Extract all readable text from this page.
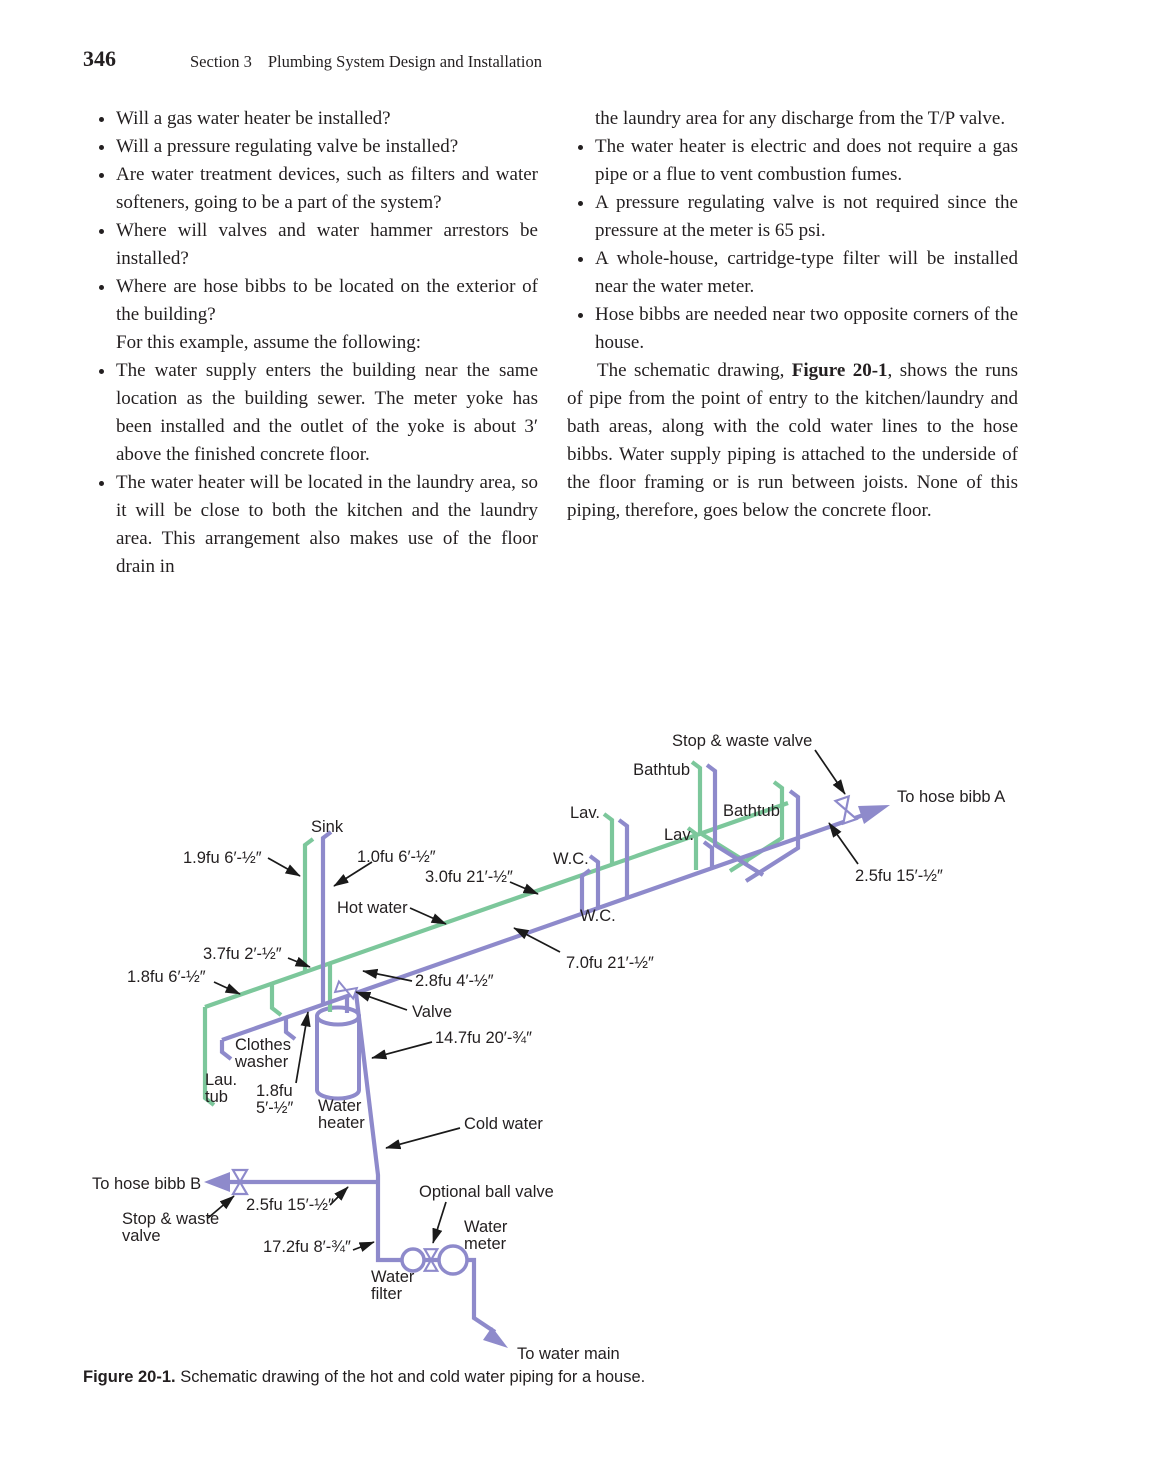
346	Section 3 Plumbing System Design and Installation
• Will a gas water heater be installed?
• Will a pressure regulating valve be installed?
• Are water treatment devices, such as filters and water softeners, going to be a part of the system?
• Where will valves and water hammer arrestors be installed?
• Where are hose bibbs to be located on the exterior of the building?
For this example, assume the following:
• The water supply enters the building near the same location as the building sewer. The meter yoke has been installed and the outlet of the yoke is about 3′ above the finished concrete floor.
• The water heater will be located in the laundry area, so it will be close to both the kitchen and the laundry area. This arrangement also makes use of the floor drain in

the laundry area for any discharge from the T/P valve.

• The water heater is electric and does not require a gas pipe or a flue to vent combustion fumes.
• A pressure regulating valve is not required since the pressure at the meter is 65 psi.
• A whole-house, cartridge-type filter will be installed near the water meter.
• Hose bibbs are needed near two opposite corners of the house.

The schematic drawing, Figure 20-1, shows the runs of pipe from the point of entry to the kitchen/laundry and bath areas, along with the cold water lines to the hose bibbs. Water supply piping is attached to the underside of the floor framing or is run between joists. None of this piping, therefore, goes below the concrete floor.

Stop & waste valve
Bathtub
To hose bibb A
Bathtub
Lav.
Lav.
W.C.
2.5fu 15′-½″
Sink
1.9fu 6′-½″	1.0fu 6′-½″
3.0fu 21′-½″
Hot water	W.C.
7.0fu 21′-½″
3.7fu 2′-½″
1.8fu 6′-½″	2.8fu 4′-½″
Valve
14.7fu 20′-¾″
Clothes
washer
Lau.
tub 1.8fu
5′-½″ Water
heater	Cold water
To hose bibb B
2.5fu 15′-½″
Stop & waste
valve
17.2fu 8′-¾″
Optional ball valve
Water
meter
Water
filter
To water main
Figure 20-1. Schematic drawing of the hot and cold water piping for a house.
